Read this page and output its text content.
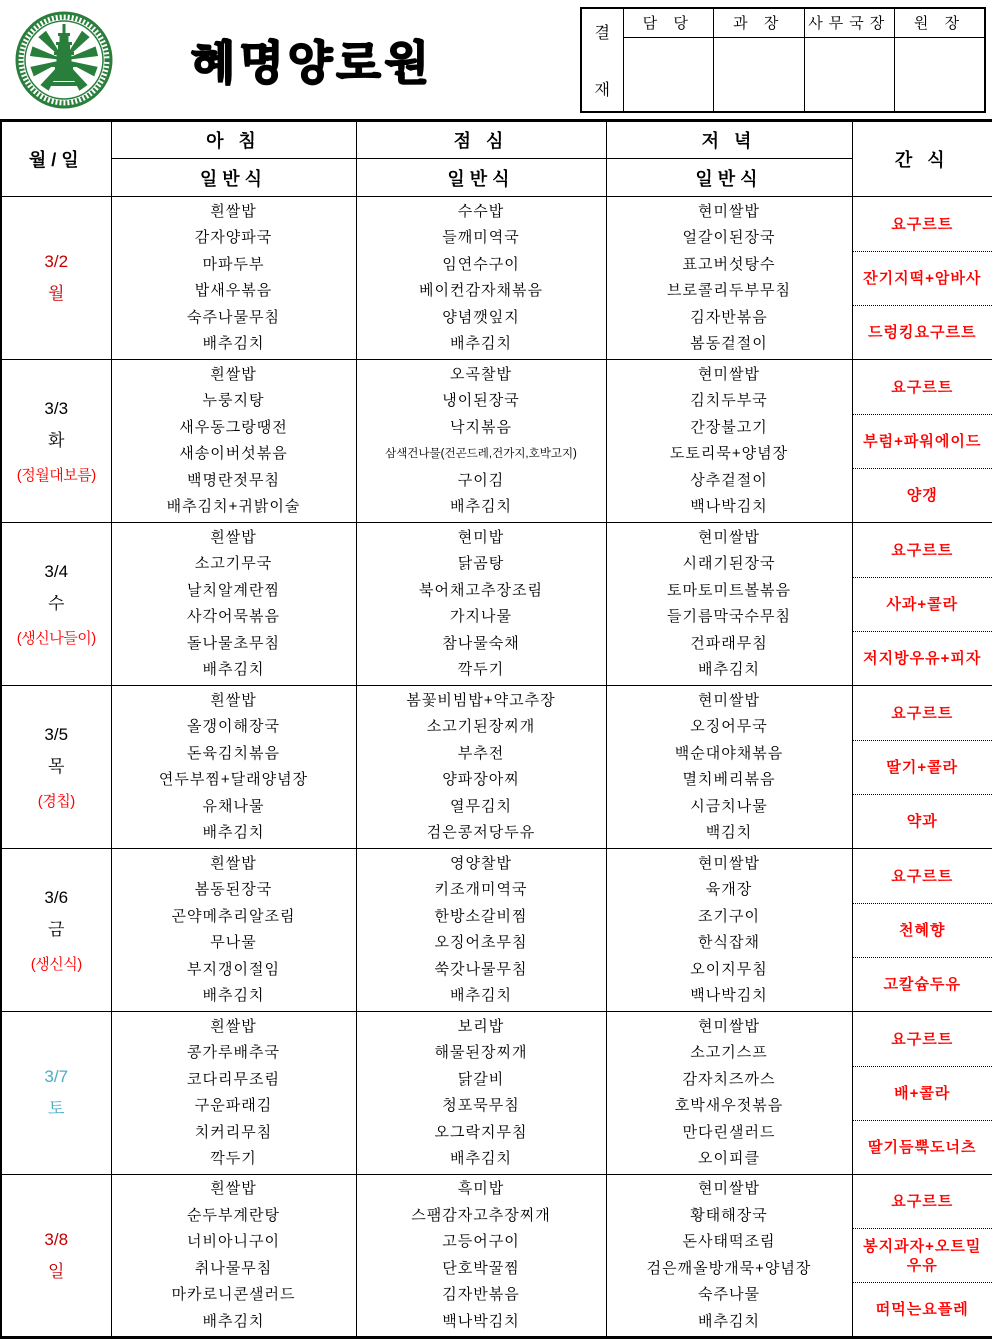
혜명양로원
결
재	담 당	과 장	사무국장	원 장

월/일	아 침	점 심	저 녁	간 식
	일반식	일반식	일반식	

3/2
월

흰쌀밥
감자양파국
마파두부
밥새우볶음
숙주나물무침
배추김치

수수밥
들깨미역국
임연수구이
베이컨감자채볶음
양념깻잎지
배추김치

현미쌀밥
얼갈이된장국
표고버섯탕수
브로콜리두부무침
김자반볶음
봄동겉절이

요구르트
잔기지떡+암바사
드렁킹요구르트

3/3
화
(정월대보름)

흰쌀밥
누룽지탕
새우동그랑땡전
새송이버섯볶음
백명란젓무침
배추김치+귀밝이술

오곡찰밥
냉이된장국
낙지볶음
삼색건나물(건곤드레,건가지,호박고지)
구이김
배추김치

현미쌀밥
김치두부국
간장불고기
도토리묵+양념장
상추겉절이
백나박김치

요구르트
부럼+파워에이드
양갱

3/4
수
(생신나들이)

흰쌀밥
소고기무국
날치알계란찜
사각어묵볶음
돌나물초무침
배추김치

현미밥
닭곰탕
북어채고추장조림
가지나물
참나물숙채
깍두기

현미쌀밥
시래기된장국
토마토미트볼볶음
들기름막국수무침
건파래무침
배추김치

요구르트
사과+콜라
저지방우유+피자

3/5
목
(경칩)

흰쌀밥
올갱이해장국
돈육김치볶음
연두부찜+달래양념장
유채나물
배추김치

봄꽃비빔밥+약고추장
소고기된장찌개
부추전
양파장아찌
열무김치
검은콩저당두유

현미쌀밥
오징어무국
백순대야채볶음
멸치베리볶음
시금치나물
백김치

요구르트
딸기+콜라
약과

3/6
금
(생신식)

흰쌀밥
봄동된장국
곤약메추리알조림
무나물
부지갱이절임
배추김치

영양찰밥
키조개미역국
한방소갈비찜
오징어초무침
쑥갓나물무침
배추김치

현미쌀밥
육개장
조기구이
한식잡채
오이지무침
백나박김치

요구르트
천혜향
고칼슘두유

3/7
토

흰쌀밥
콩가루배추국
코다리무조림
구운파래김
치커리무침
깍두기

보리밥
해물된장찌개
닭갈비
청포묵무침
오그락지무침
배추김치

현미쌀밥
소고기스프
감자치즈까스
호박새우젓볶음
만다린샐러드
오이피클

요구르트
배+콜라
딸기듬뿍도너츠

3/8
일

흰쌀밥
순두부계란탕
너비아니구이
취나물무침
마카로니콘샐러드
배추김치

흑미밥
스팸감자고추장찌개
고등어구이
단호박꿀찜
김자반볶음
백나박김치

현미쌀밥
황태해장국
돈사태떡조림
검은깨올방개묵+양념장
숙주나물
배추김치

요구르트
봉지과자+오트밀우유
떠먹는요플레
